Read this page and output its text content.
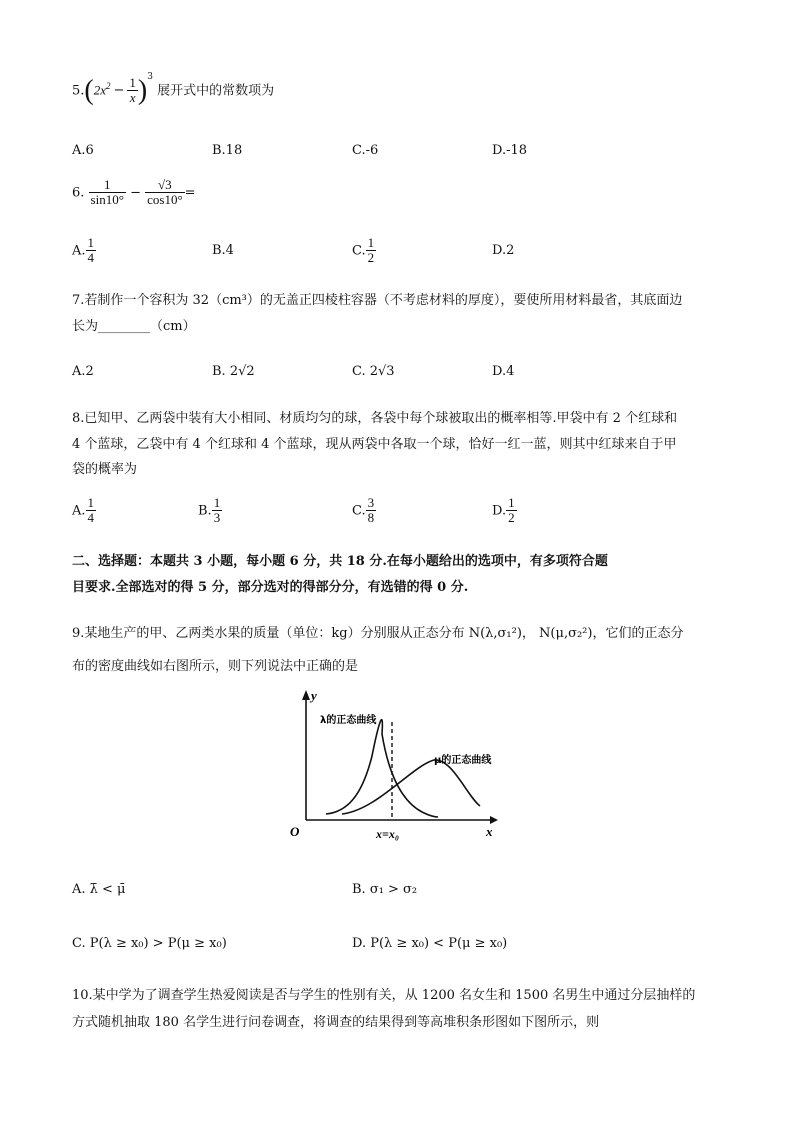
$5.(2x^2 - \frac{1}{x} )^3$ 展开式中的常数项为
A.6	B.18	C.-6	D.-18
6. $\frac{1}{\sin 10^\circ} - \frac{√3}{\cos 10^\circ}$ =
A. $\frac{1}{4}$	B.4	C. $\frac{1}{2}$	D.2
7.若制作一个容积为 32（cm³）的无盖正四棱柱容器（不考虑材料的厚度），要使所用材料最省，其底面边
长为________（cm）
A.2	B. 2√2	C. 2√3	D.4
8.已知甲、乙两袋中装有大小相同、材质均匀的球，各袋中每个球被取出的概率相等.甲袋中有 2 个红球和
4 个蓝球，乙袋中有 4 个红球和 4 个蓝球，现从两袋中各取一个球，恰好一红一蓝，则其中红球来自于甲
袋的概率为
A. $\frac{1}{4}$	B. $\frac{1}{3}$	C. $\frac{3}{8}$	D. $\frac{1}{2}$
二、选择题：本题共 3 小题，每小题 6 分，共 18 分.在每小题给出的选项中，有多项符合题
目要求.全部选对的得 5 分，部分选对的得部分分，有选错的得 0 分.
9.某地生产的甲、乙两类水果的质量（单位：kg）分别服从正态分布 N(λ,σ₁²)， N(μ,σ₂²)，它们的正态分
布的密度曲线如右图所示，则下列说法中正确的是
y
x
O
λ的正态曲线
μ的正态曲线
x=x₀
A. λ̄ < μ̄	B. σ₁ > σ₂
C. P(λ ≥ x₀) > P(μ ≥ x₀)	D. P(λ ≥ x₀) < P(μ ≥ x₀)
10.某中学为了调查学生热爱阅读是否与学生的性别有关，从 1200 名女生和 1500 名男生中通过分层抽样的
方式随机抽取 180 名学生进行问卷调查，将调查的结果得到等高堆积条形图如下图所示，则
